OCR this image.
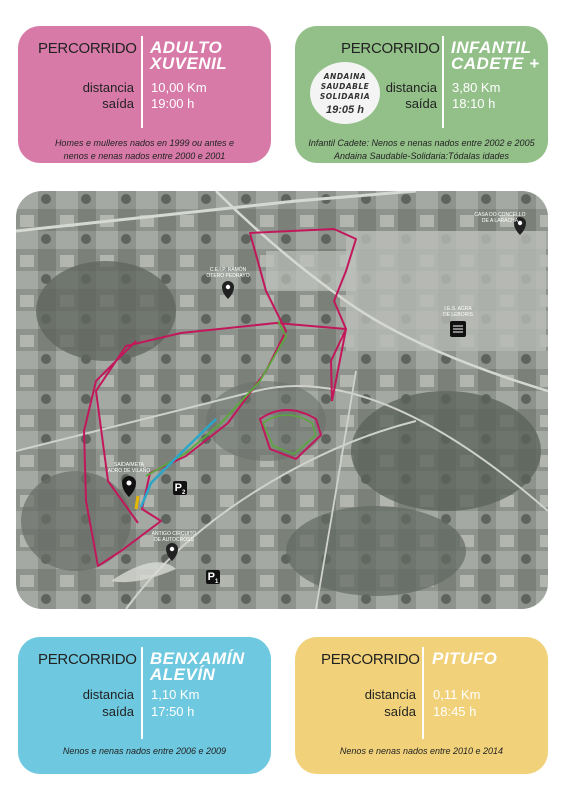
PERCORRIDO ADULTO
XUVENIL
distancia 10,00 Km
saída 19:00 h
Homes e mulleres nados en 1999 ou antes e
nenos e nenas nados entre 2000 e 2001
PERCORRIDO INFANTIL
CADETE +
distancia 3,80 Km
saída 18:10 h
Infantil Cadete: Nenos e nenas nados entre 2002 e 2005
Andaina Saudable-Solidaria:Tódalas idades
ANDAINA
SAUDABLE
SOLIDARIA
19:05 h
CASA DO CONCELLO
DE A LARACHA
C.E.I.P. RAMÓN
OTERO PEDRAYO
I.E.S. AGRA
DE LEBORIS
SAÍDA/META
ADRO DE VILAÑO
ANTIGO CIRCUITO
DE AUTOCROSS
$P_2$
$P_1$
PERCORRIDO BENXAMÍN
ALEVÍN
distancia 1,10 Km
saída 17:50 h
Nenos e nenas nados entre 2006 e 2009
PERCORRIDO PITUFO
distancia 0,11 Km
saída 18:45 h
Nenos e nenas nados entre 2010 e 2014
